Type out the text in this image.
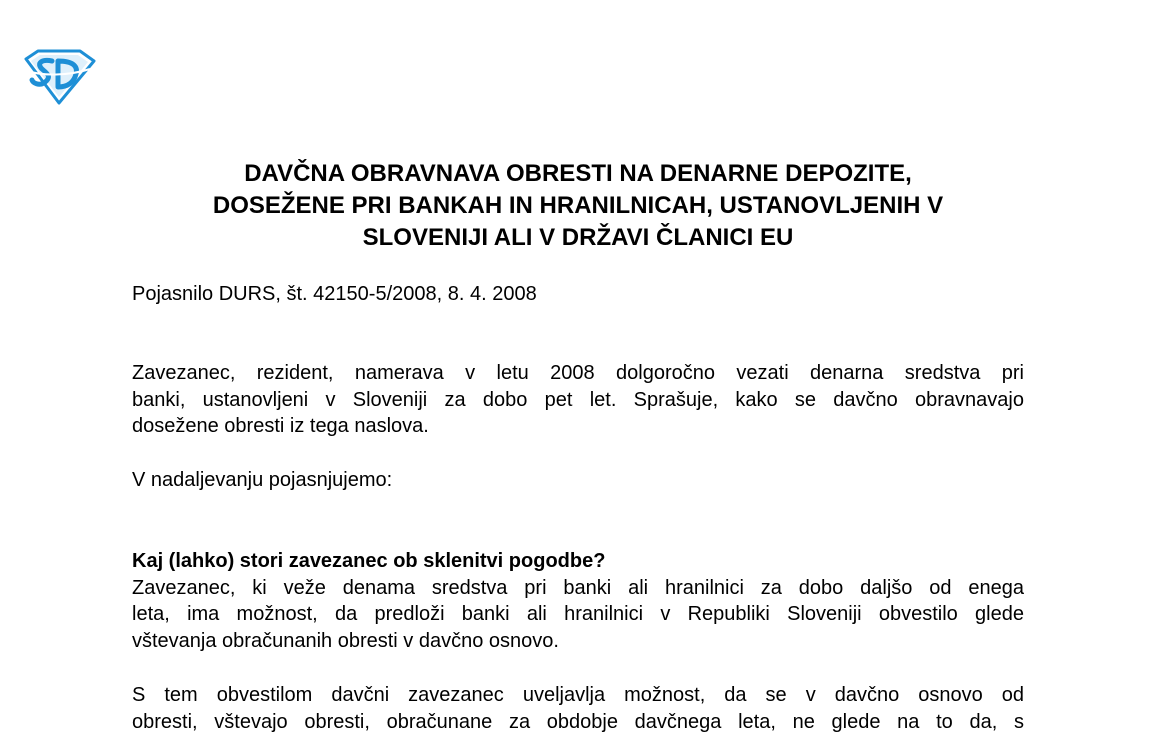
DAVČNA OBRAVNAVA OBRESTI NA DENARNE DEPOZITE,
DOSEŽENE PRI BANKAH IN HRANILNICAH, USTANOVLJENIH V
SLOVENIJI ALI V DRŽAVI ČLANICI EU

Pojasnilo DURS, št. 42150-5/2008, 8. 4. 2008

Zavezanec, rezident, namerava v letu 2008 dolgoročno vezati denarna sredstva pri
banki, ustanovljeni v Sloveniji za dobo pet let. Sprašuje, kako se davčno obravnavajo
dosežene obresti iz tega naslova.

V nadaljevanju pojasnjujemo:

Kaj (lahko) stori zavezanec ob sklenitvi pogodbe?
Zavezanec, ki veže denama sredstva pri banki ali hranilnici za dobo daljšo od enega
leta, ima možnost, da predloži banki ali hranilnici v Republiki Sloveniji obvestilo glede
vštevanja obračunanih obresti v davčno osnovo.

S tem obvestilom davčni zavezanec uveljavlja možnost, da se v davčno osnovo od
obresti, vštevajo obresti, obračunane za obdobje davčnega leta, ne glede na to da, s
